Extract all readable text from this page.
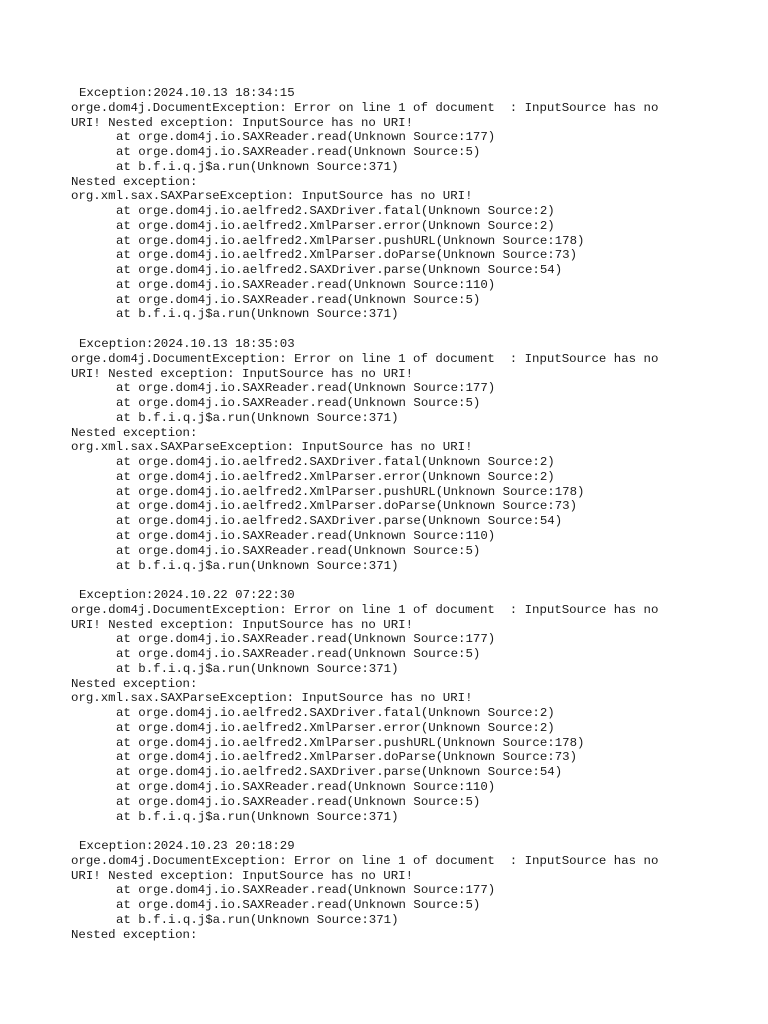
Exception:2024.10.13 18:34:15
orge.dom4j.DocumentException: Error on line 1 of document  : InputSource has no
URI! Nested exception: InputSource has no URI!
at orge.dom4j.io.SAXReader.read(Unknown Source:177)
at orge.dom4j.io.SAXReader.read(Unknown Source:5)
at b.f.i.q.j$a.run(Unknown Source:371)
Nested exception:
org.xml.sax.SAXParseException: InputSource has no URI!
at orge.dom4j.io.aelfred2.SAXDriver.fatal(Unknown Source:2)
at orge.dom4j.io.aelfred2.XmlParser.error(Unknown Source:2)
at orge.dom4j.io.aelfred2.XmlParser.pushURL(Unknown Source:178)
at orge.dom4j.io.aelfred2.XmlParser.doParse(Unknown Source:73)
at orge.dom4j.io.aelfred2.SAXDriver.parse(Unknown Source:54)
at orge.dom4j.io.SAXReader.read(Unknown Source:110)
at orge.dom4j.io.SAXReader.read(Unknown Source:5)
at b.f.i.q.j$a.run(Unknown Source:371)
Exception:2024.10.13 18:35:03
orge.dom4j.DocumentException: Error on line 1 of document  : InputSource has no
URI! Nested exception: InputSource has no URI!
at orge.dom4j.io.SAXReader.read(Unknown Source:177)
at orge.dom4j.io.SAXReader.read(Unknown Source:5)
at b.f.i.q.j$a.run(Unknown Source:371)
Nested exception:
org.xml.sax.SAXParseException: InputSource has no URI!
at orge.dom4j.io.aelfred2.SAXDriver.fatal(Unknown Source:2)
at orge.dom4j.io.aelfred2.XmlParser.error(Unknown Source:2)
at orge.dom4j.io.aelfred2.XmlParser.pushURL(Unknown Source:178)
at orge.dom4j.io.aelfred2.XmlParser.doParse(Unknown Source:73)
at orge.dom4j.io.aelfred2.SAXDriver.parse(Unknown Source:54)
at orge.dom4j.io.SAXReader.read(Unknown Source:110)
at orge.dom4j.io.SAXReader.read(Unknown Source:5)
at b.f.i.q.j$a.run(Unknown Source:371)
Exception:2024.10.22 07:22:30
orge.dom4j.DocumentException: Error on line 1 of document  : InputSource has no
URI! Nested exception: InputSource has no URI!
at orge.dom4j.io.SAXReader.read(Unknown Source:177)
at orge.dom4j.io.SAXReader.read(Unknown Source:5)
at b.f.i.q.j$a.run(Unknown Source:371)
Nested exception:
org.xml.sax.SAXParseException: InputSource has no URI!
at orge.dom4j.io.aelfred2.SAXDriver.fatal(Unknown Source:2)
at orge.dom4j.io.aelfred2.XmlParser.error(Unknown Source:2)
at orge.dom4j.io.aelfred2.XmlParser.pushURL(Unknown Source:178)
at orge.dom4j.io.aelfred2.XmlParser.doParse(Unknown Source:73)
at orge.dom4j.io.aelfred2.SAXDriver.parse(Unknown Source:54)
at orge.dom4j.io.SAXReader.read(Unknown Source:110)
at orge.dom4j.io.SAXReader.read(Unknown Source:5)
at b.f.i.q.j$a.run(Unknown Source:371)
Exception:2024.10.23 20:18:29
orge.dom4j.DocumentException: Error on line 1 of document  : InputSource has no
URI! Nested exception: InputSource has no URI!
at orge.dom4j.io.SAXReader.read(Unknown Source:177)
at orge.dom4j.io.SAXReader.read(Unknown Source:5)
at b.f.i.q.j$a.run(Unknown Source:371)
Nested exception:
